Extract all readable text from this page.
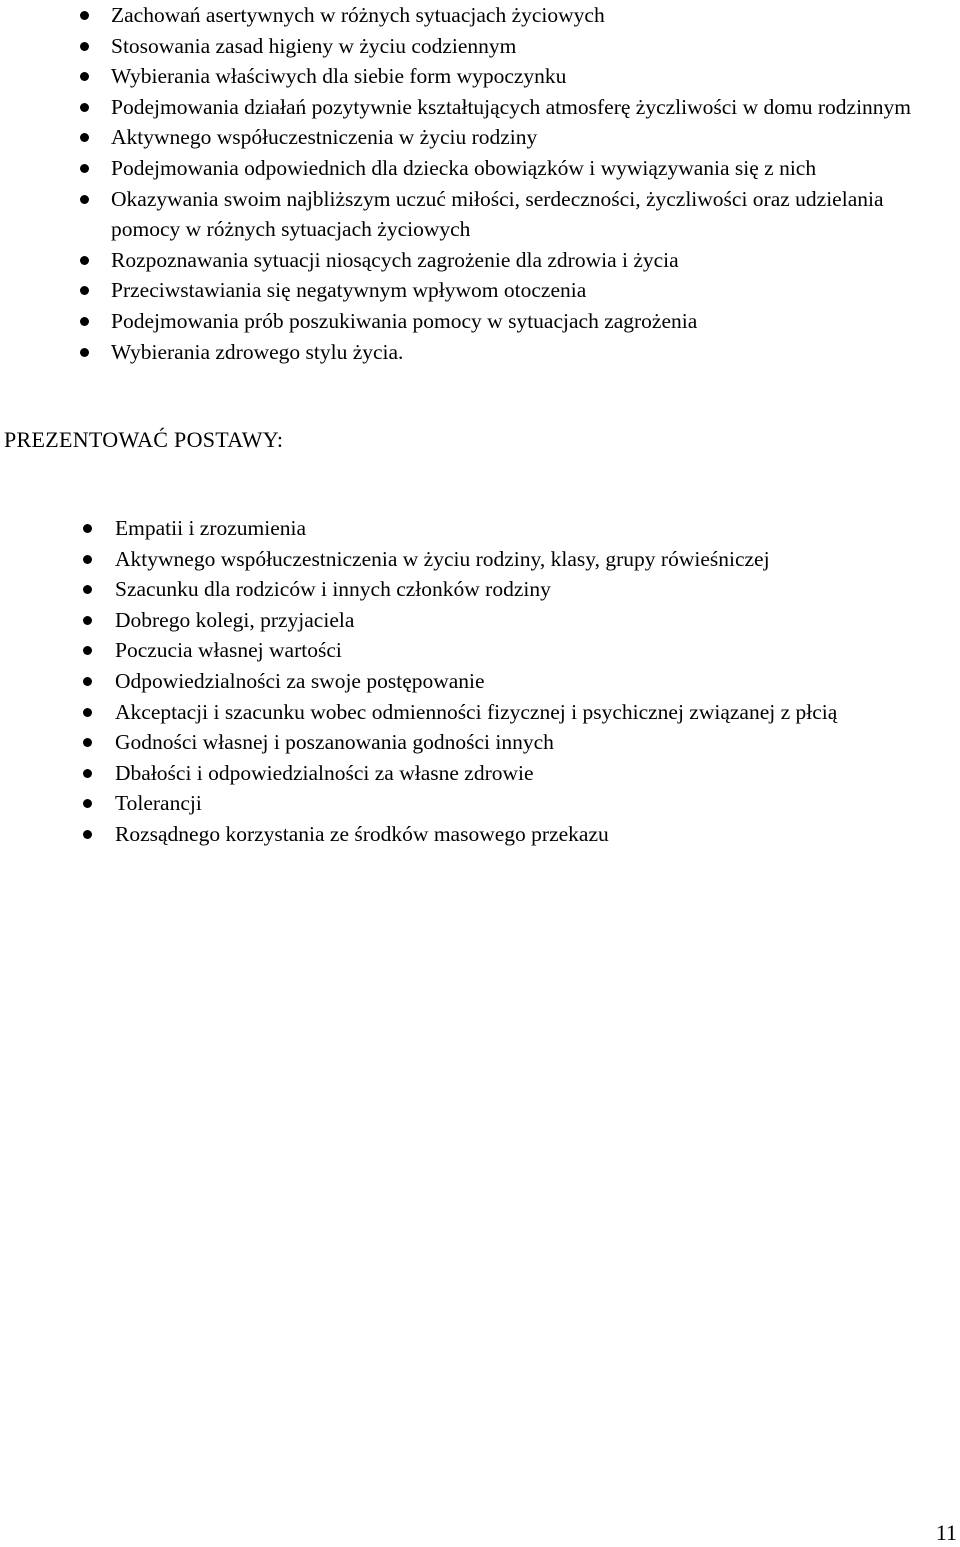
Zachowań asertywnych w różnych sytuacjach życiowych
Stosowania zasad higieny w życiu codziennym
Wybierania właściwych dla siebie form wypoczynku
Podejmowania działań pozytywnie kształtujących atmosferę życzliwości w domu rodzinnym
Aktywnego współuczestniczenia w życiu rodziny
Podejmowania odpowiednich dla dziecka obowiązków i wywiązywania się z nich
Okazywania swoim najbliższym uczuć miłości, serdeczności, życzliwości oraz udzielania pomocy w różnych sytuacjach życiowych
Rozpoznawania sytuacji niosących zagrożenie dla zdrowia i życia
Przeciwstawiania się negatywnym wpływom otoczenia
Podejmowania prób poszukiwania pomocy w sytuacjach zagrożenia
Wybierania zdrowego stylu życia.
PREZENTOWAĆ POSTAWY:
Empatii i zrozumienia
Aktywnego współuczestniczenia w życiu rodziny, klasy, grupy rówieśniczej
Szacunku dla rodziców i innych członków rodziny
Dobrego kolegi, przyjaciela
Poczucia własnej wartości
Odpowiedzialności za swoje postępowanie
Akceptacji i szacunku wobec odmienności fizycznej i psychicznej związanej z płcią
Godności własnej i poszanowania godności innych
Dbałości i odpowiedzialności za własne zdrowie
Tolerancji
Rozsądnego korzystania ze środków masowego przekazu
11
